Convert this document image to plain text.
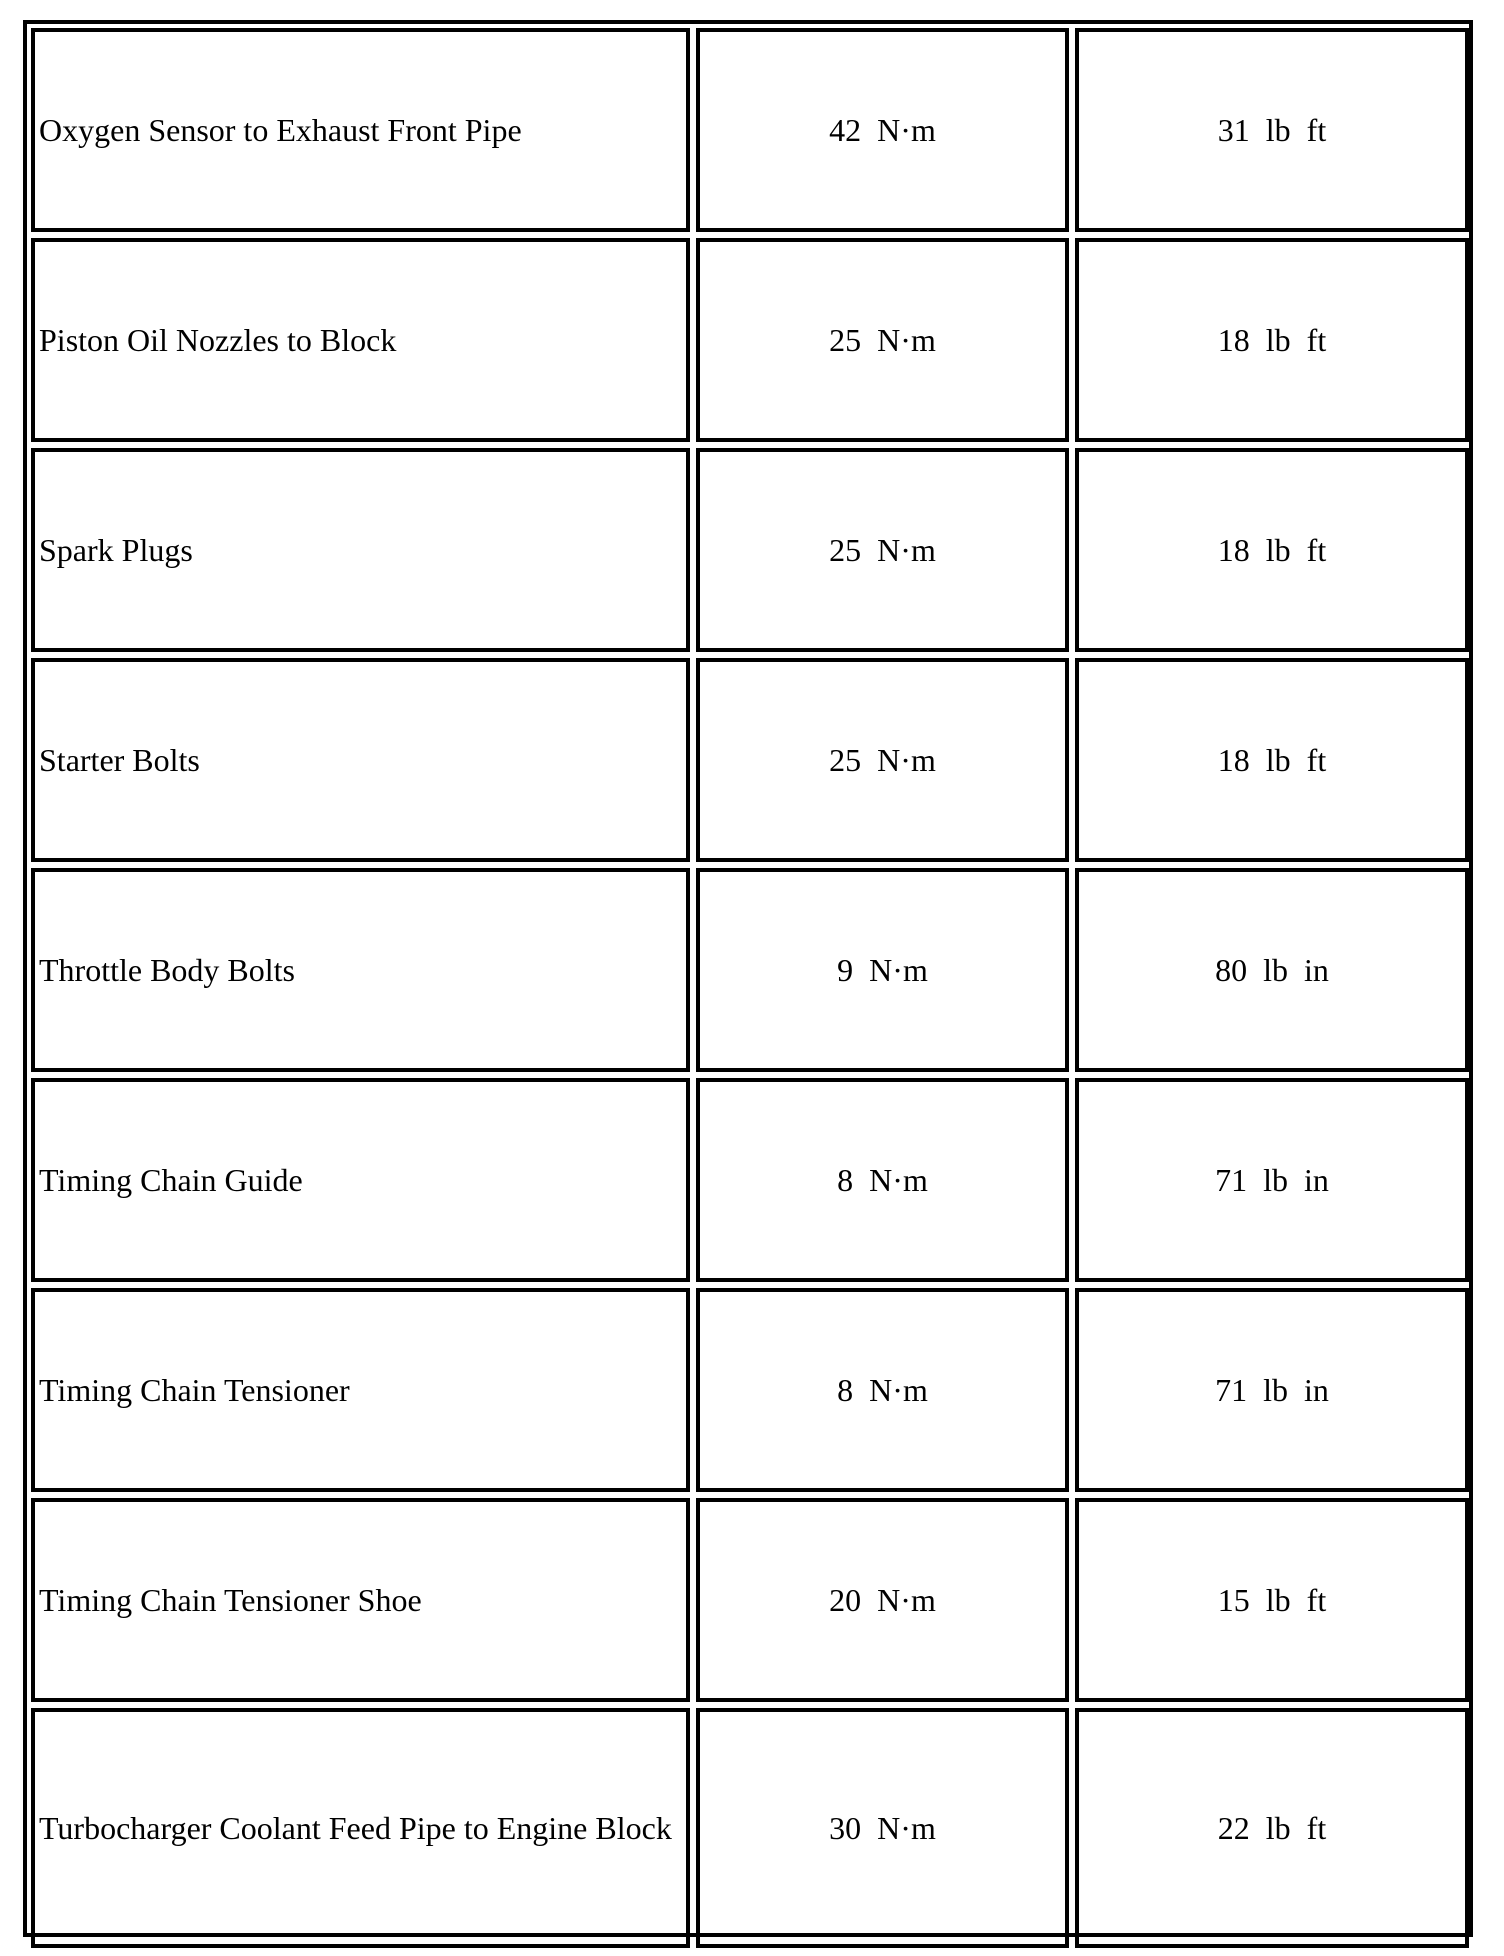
Oxygen Sensor to Exhaust Front Pipe	42  N·m	31  lb  ft
Piston Oil Nozzles to Block	25  N·m	18  lb  ft
Spark Plugs	25  N·m	18  lb  ft
Starter Bolts	25  N·m	18  lb  ft
Throttle Body Bolts	9  N·m	80  lb  in
Timing Chain Guide	8  N·m	71  lb  in
Timing Chain Tensioner	8  N·m	71  lb  in
Timing Chain Tensioner Shoe	20  N·m	15  lb  ft
Turbocharger Coolant Feed Pipe to Engine Block	30  N·m	22  lb  ft
